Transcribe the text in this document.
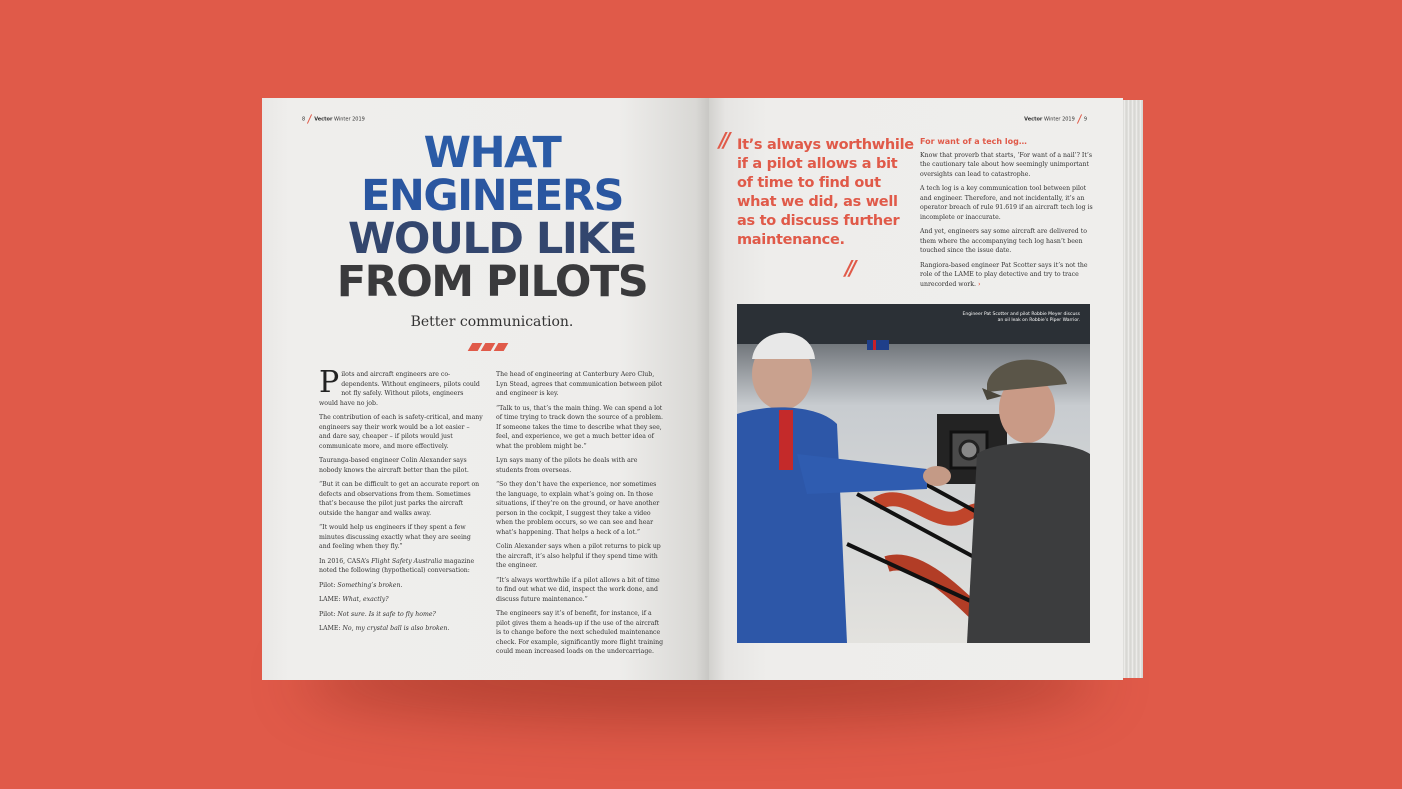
8 Vector Winter 2019
WHAT
ENGINEERS
WOULD LIKE
FROM PILOTS
Better communication.

Pilots and aircraft engineers are co-dependents. Without engineers, pilots could not fly safely. Without pilots, engineers would have no job.

The contribution of each is safety-critical, and many engineers say their work would be a lot easier – and dare say, cheaper – if pilots would just communicate more, and more effectively.

Tauranga-based engineer Colin Alexander says nobody knows the aircraft better than the pilot.

“But it can be difficult to get an accurate report on defects and observations from them. Sometimes that’s because the pilot just parks the aircraft outside the hangar and walks away.

“It would help us engineers if they spent a few minutes discussing exactly what they are seeing and feeling when they fly.”

In 2016, CASA’s Flight Safety Australia magazine noted the following (hypothetical) conversation:

Pilot: Something’s broken.

LAME: What, exactly?

Pilot: Not sure. Is it safe to fly home?

LAME: No, my crystal ball is also broken.

The head of engineering at Canterbury Aero Club, Lyn Stead, agrees that communication between pilot and engineer is key.

“Talk to us, that’s the main thing. We can spend a lot of time trying to track down the source of a problem. If someone takes the time to describe what they see, feel, and experience, we get a much better idea of what the problem might be.”

Lyn says many of the pilots he deals with are students from overseas.

“So they don’t have the experience, nor sometimes the language, to explain what’s going on. In those situations, if they’re on the ground, or have another person in the cockpit, I suggest they take a video when the problem occurs, so we can see and hear what’s happening. That helps a heck of a lot.”

Colin Alexander says when a pilot returns to pick up the aircraft, it’s also helpful if they spend time with the engineer.

“It’s always worthwhile if a pilot allows a bit of time to find out what we did, inspect the work done, and discuss future maintenance.”

The engineers say it’s of benefit, for instance, if a pilot gives them a heads-up if the use of the aircraft is to change before the next scheduled maintenance check. For example, significantly more flight training could mean increased loads on the undercarriage.

Vector Winter 2019 9
// It’s always worthwhile if a pilot allows a bit of time to find out what we did, as well as to discuss further maintenance.
//
For want of a tech log…

Know that proverb that starts, ‘For want of a nail’? It’s the cautionary tale about how seemingly unimportant oversights can lead to catastrophe.

A tech log is a key communication tool between pilot and engineer. Therefore, and not incidentally, it’s an operator breach of rule 91.619 if an aircraft tech log is incomplete or inaccurate.

And yet, engineers say some aircraft are delivered to them where the accompanying tech log hasn’t been touched since the issue date.

Rangiora-based engineer Pat Scotter says it’s not the role of the LAME to play detective and try to trace unrecorded work. ›

Engineer Pat Scotter and pilot Robbie Meyer discuss an oil leak on Robbie’s Piper Warrior.
